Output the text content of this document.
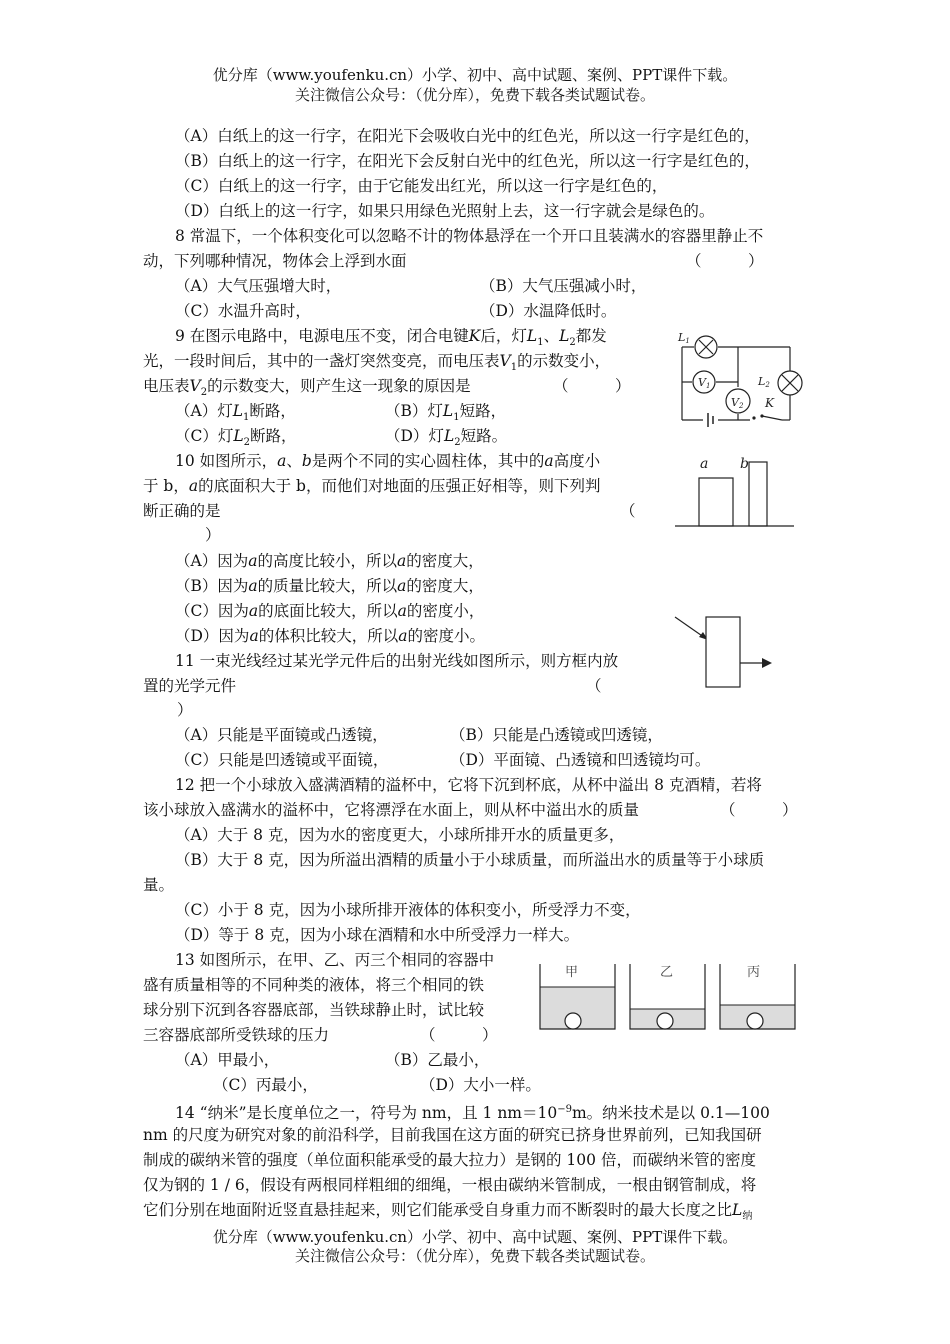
优分库（www.youfenku.cn）小学、初中、高中试题、案例、PPT课件下载。
关注微信公众号：（优分库），免费下载各类试题试卷。
（A）白纸上的这一行字，在阳光下会吸收白光中的红色光，所以这一行字是红色的，
（B）白纸上的这一行字，在阳光下会反射白光中的红色光，所以这一行字是红色的，
（C）白纸上的这一行字，由于它能发出红光，所以这一行字是红色的，
（D）白纸上的这一行字，如果只用绿色光照射上去，这一行字就会是绿色的。
8 常温下，一个体积变化可以忽略不计的物体悬浮在一个开口且装满水的容器里静止不
动，下列哪种情况，物体会上浮到水面	（　　　）
（A）大气压强增大时，	（B）大气压强减小时，
（C）水温升高时，	（D）水温降低时。
9 在图示电路中，电源电压不变，闭合电键K后，灯$L_1$、$L_2$都发
光，一段时间后，其中的一盏灯突然变亮，而电压表$V_1$的示数变小，
电压表$V_2$的示数变大，则产生这一现象的原因是	（　　　）
（A）灯$L_1$断路，	（B）灯$L_1$短路，
（C）灯$L_2$断路，	（D）灯$L_2$短路。
L1
V1
V2
L2
K
10 如图所示，a、b是两个不同的实心圆柱体，其中的a高度小
于 b，a的底面积大于 b，而他们对地面的压强正好相等，则下列判
断正确的是	（
）
（A）因为a的高度比较小，所以a的密度大，
（B）因为a的质量比较大，所以a的密度大，
（C）因为a的底面比较大，所以a的密度小，
（D）因为a的体积比较大，所以a的密度小。
a b
11 一束光线经过某光学元件后的出射光线如图所示，则方框内放
置的光学元件	（
）
（A）只能是平面镜或凸透镜，	（B）只能是凸透镜或凹透镜，
（C）只能是凹透镜或平面镜，	（D）平面镜、凸透镜和凹透镜均可。
12 把一个小球放入盛满酒精的溢杯中，它将下沉到杯底，从杯中溢出 8 克酒精，若将
该小球放入盛满水的溢杯中，它将漂浮在水面上，则从杯中溢出水的质量	（　　　）
（A）大于 8 克，因为水的密度更大，小球所排开水的质量更多，
（B）大于 8 克，因为所溢出酒精的质量小于小球质量，而所溢出水的质量等于小球质
量。
（C）小于 8 克，因为小球所排开液体的体积变小，所受浮力不变，
（D）等于 8 克，因为小球在酒精和水中所受浮力一样大。
13 如图所示，在甲、乙、丙三个相同的容器中
盛有质量相等的不同种类的液体，将三个相同的铁
球分别下沉到各容器底部，当铁球静止时，试比较
三容器底部所受铁球的压力	（　　　）
（A）甲最小，	（B）乙最小，
（C）丙最小，	（D）大小一样。
甲	乙	丙
14 “纳米”是长度单位之一，符号为 nm，且 1 $nm=10^{-9}m$。纳米技术是以 0.1—100
nm 的尺度为研究对象的前沿科学，目前我国在这方面的研究已挤身世界前列，已知我国研
制成的碳纳米管的强度（单位面积能承受的最大拉力）是钢的 100 倍，而碳纳米管的密度
仅为钢的 1 / 6，假设有两根同样粗细的细绳，一根由碳纳米管制成，一根由钢管制成，将
它们分别在地面附近竖直悬挂起来，则它们能承受自身重力而不断裂时的最大长度之比$L_纳$
优分库（www.youfenku.cn）小学、初中、高中试题、案例、PPT课件下载。
关注微信公众号：（优分库），免费下载各类试题试卷。
